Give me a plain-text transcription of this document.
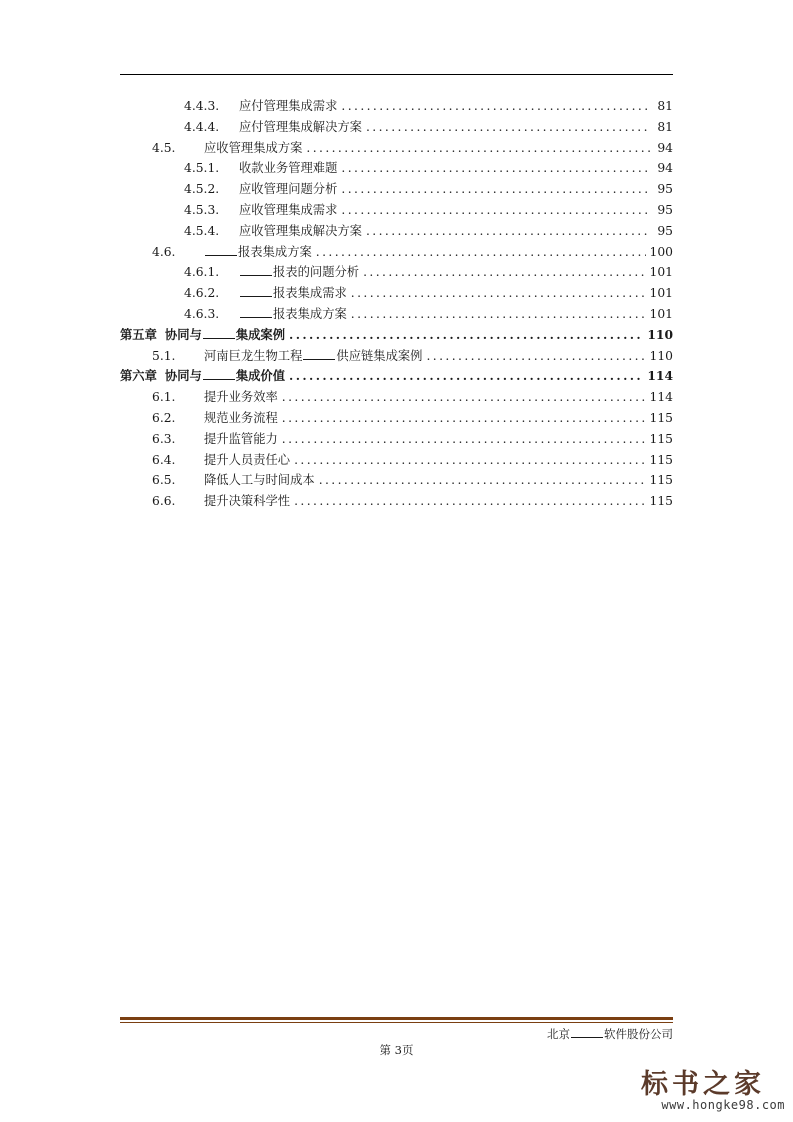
4.4.3.	应付管理集成需求 .....	81
4.4.4.	应付管理集成解决方案 .....	81
4.5.	应收管理集成方案 .....	94
4.5.1.	收款业务管理难题 .....	94
4.5.2.	应收管理问题分析 .....	95
4.5.3.	应收管理集成需求 .....	95
4.5.4.	应收管理集成解决方案 .....	95
4.6.	报表集成方案 .....	100
4.6.1.	报表的问题分析 .....	101
4.6.2.	报表集成需求 .....	101
4.6.3.	报表集成方案 .....	101
第五章 协同与	集成案例 .....	110
5.1.	河南巨龙生物工程	供应链集成案例 .....	110
第六章 协同与	集成价值 .....	114
6.1.	提升业务效率 .....	114
6.2.	规范业务流程 .....	115
6.3.	提升监管能力 .....	115
6.4.	提升人员责任心 .....	115
6.5.	降低人工与时间成本 .....	115
6.6.	提升决策科学性 .....	115
北京	软件股份公司
第 3页
标书之家
www.hongke98.com
